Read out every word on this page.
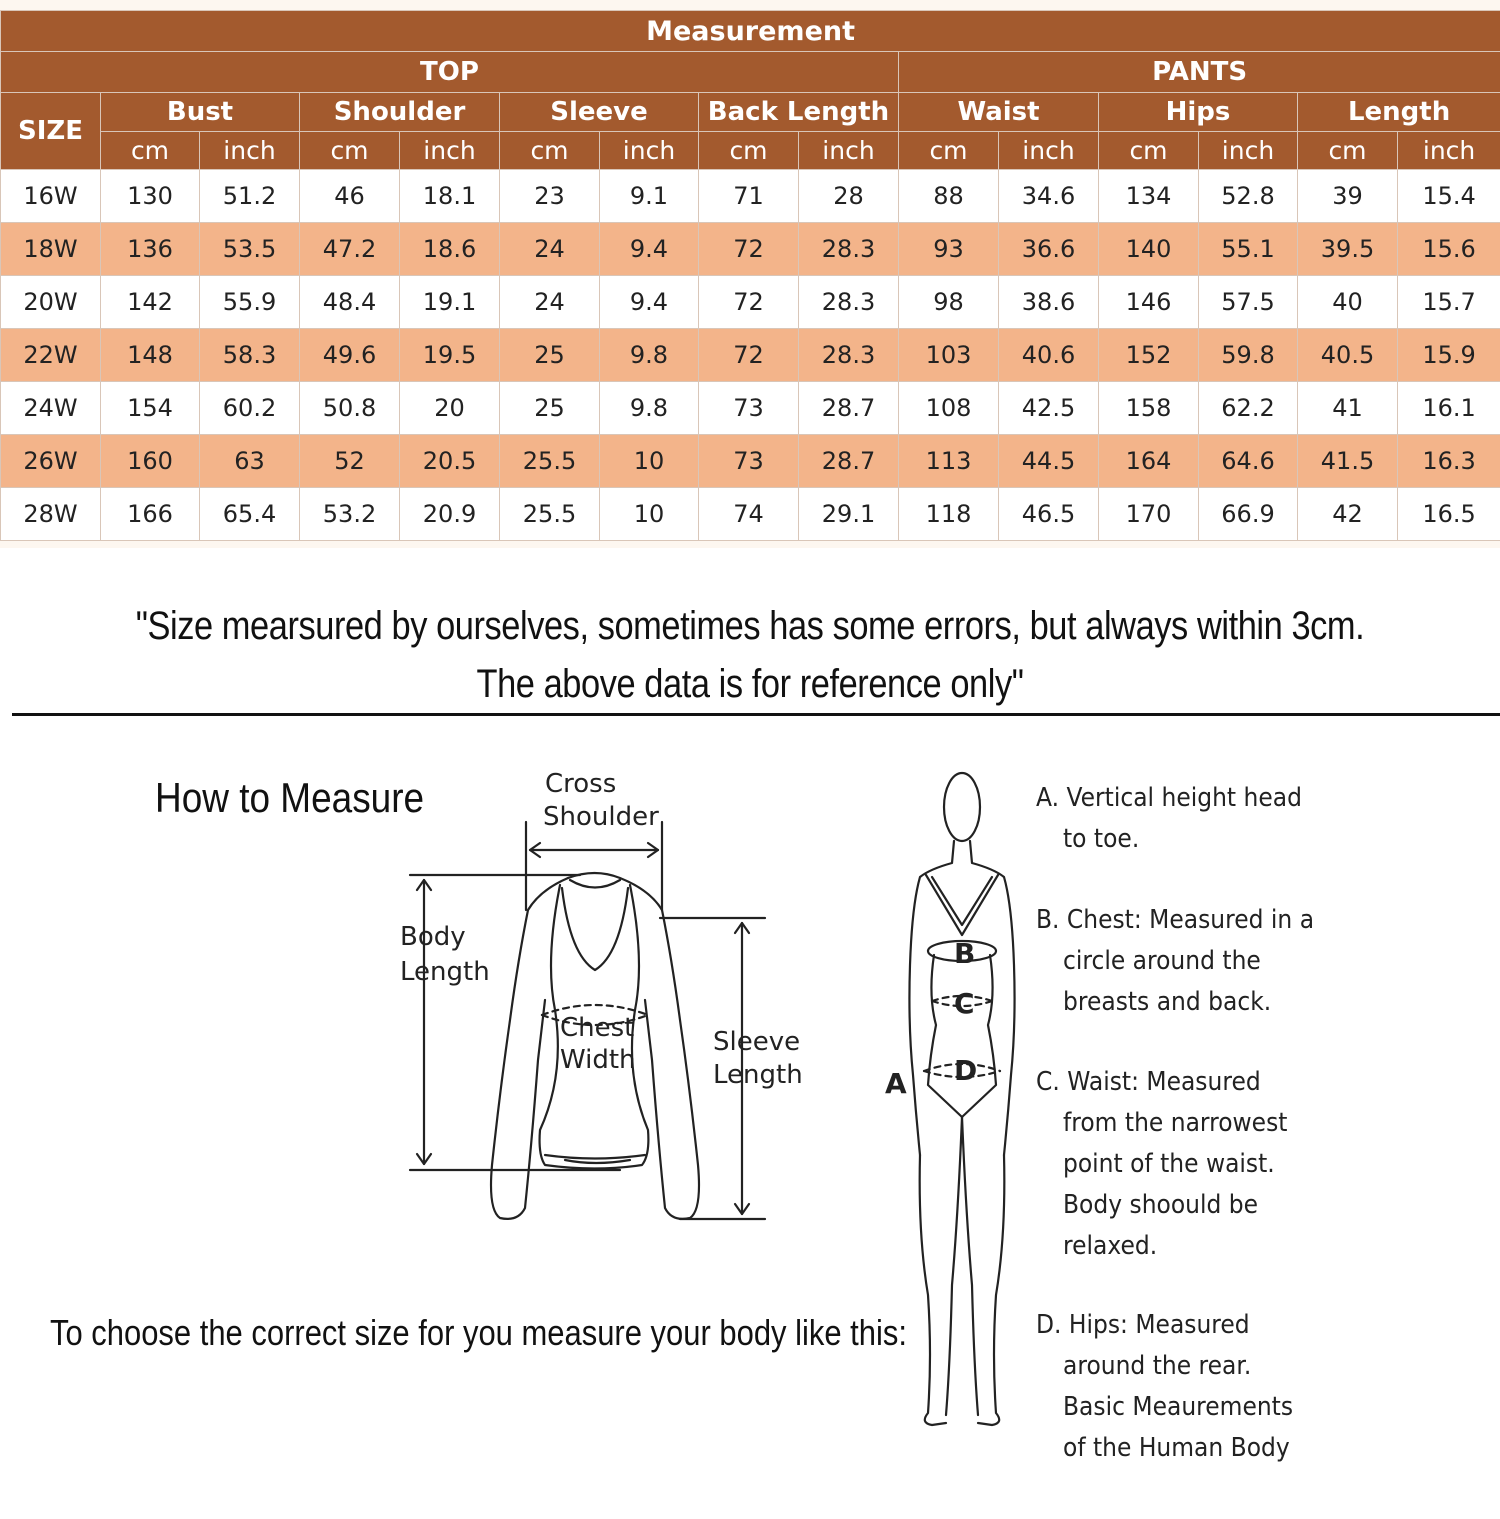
Measurement														
TOP									PANTS					
SIZE	Bust		Shoulder		Sleeve		Back Length		Waist		Hips		Length	
	cm	inch	cm	inch	cm	inch	cm	inch	cm	inch	cm	inch	cm	inch
16W	130	51.2	46	18.1	23	9.1	71	28	88	34.6	134	52.8	39	15.4
18W	136	53.5	47.2	18.6	24	9.4	72	28.3	93	36.6	140	55.1	39.5	15.6
20W	142	55.9	48.4	19.1	24	9.4	72	28.3	98	38.6	146	57.5	40	15.7
22W	148	58.3	49.6	19.5	25	9.8	72	28.3	103	40.6	152	59.8	40.5	15.9
24W	154	60.2	50.8	20	25	9.8	73	28.7	108	42.5	158	62.2	41	16.1
26W	160	63	52	20.5	25.5	10	73	28.7	113	44.5	164	64.6	41.5	16.3
28W	166	65.4	53.2	20.9	25.5	10	74	29.1	118	46.5	170	66.9	42	16.5
"Size mearsured by ourselves, sometimes has some errors, but always within 3cm.
The above data is for reference only"
How to Measure	Cross
Shoulder
Body
Length
Chest
Width
Sleeve
Length
B
C
D
A
A. Vertical height head
to toe.
B. Chest: Measured in a
circle around the
breasts and back.
C. Waist: Measured
from the narrowest
point of the waist.
Body shoould be
relaxed.
D. Hips: Measured
around the rear.
Basic Meaurements
of the Human Body
To choose the correct size for you measure your body like this:
